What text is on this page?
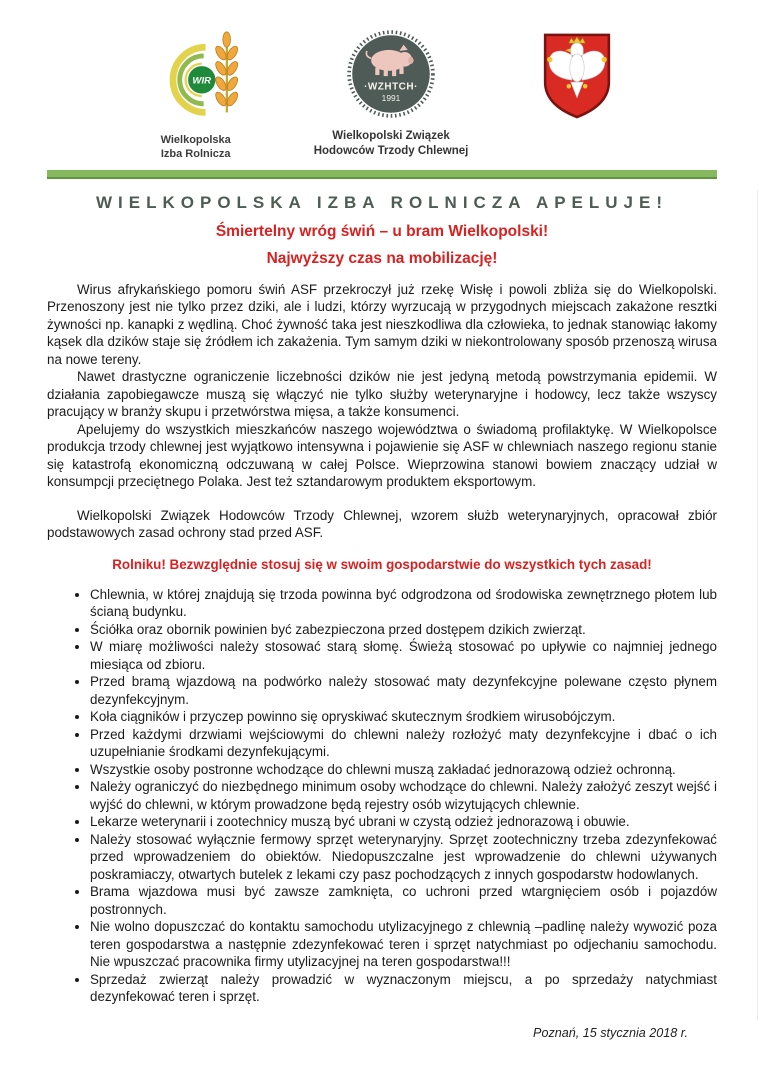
WIR
Wielkopolska
Izba Rolnicza
·WZHTCH·
1991
Wielkopolski Związek
Hodowców Trzody Chlewnej
WIELKOPOLSKA IZBA ROLNICZA APELUJE!
Śmiertelny wróg świń – u bram Wielkopolski!
Najwyższy czas na mobilizację!

Wirus afrykańskiego pomoru świń ASF przekroczył już rzekę Wisłę i powoli zbliża się do Wielkopolski. Przenoszony jest nie tylko przez dziki, ale i ludzi, którzy wyrzucają w przygodnych miejscach zakażone resztki żywności np. kanapki z wędliną. Choć żywność taka jest nieszkodliwa dla człowieka, to jednak stanowiąc łakomy kąsek dla dzików staje się źródłem ich zakażenia. Tym samym dziki w niekontrolowany sposób przenoszą wirusa na nowe tereny.

Nawet drastyczne ograniczenie liczebności dzików nie jest jedyną metodą powstrzymania epidemii. W działania zapobiegawcze muszą się włączyć nie tylko służby weterynaryjne i hodowcy, lecz także wszyscy pracujący w branży skupu i przetwórstwa mięsa, a także konsumenci.

Apelujemy do wszystkich mieszkańców naszego województwa o świadomą profilaktykę. W Wielkopolsce produkcja trzody chlewnej jest wyjątkowo intensywna i pojawienie się ASF w chlewniach naszego regionu stanie się katastrofą ekonomiczną odczuwaną w całej Polsce. Wieprzowina stanowi bowiem znaczący udział w konsumpcji przeciętnego Polaka. Jest też sztandarowym produktem eksportowym.

Wielkopolski Związek Hodowców Trzody Chlewnej, wzorem służb weterynaryjnych, opracował zbiór podstawowych zasad ochrony stad przed ASF.

Rolniku! Bezwzględnie stosuj się w swoim gospodarstwie do wszystkich tych zasad!
• Chlewnia, w której znajdują się trzoda powinna być odgrodzona od środowiska zewnętrznego płotem lub ścianą budynku.
• Ściółka oraz obornik powinien być zabezpieczona przed dostępem dzikich zwierząt.
• W miarę możliwości należy stosować starą słomę. Świeżą stosować po upływie co najmniej jednego miesiąca od zbioru.
• Przed bramą wjazdową na podwórko należy stosować maty dezynfekcyjne polewane często płynem dezynfekcyjnym.
• Koła ciągników i przyczep powinno się opryskiwać skutecznym środkiem wirusobójczym.
• Przed każdymi drzwiami wejściowymi do chlewni należy rozłożyć maty dezynfekcyjne i dbać o ich uzupełnianie środkami dezynfekującymi.
• Wszystkie osoby postronne wchodzące do chlewni muszą zakładać jednorazową odzież ochronną.
• Należy ograniczyć do niezbędnego minimum osoby wchodzące do chlewni. Należy założyć zeszyt wejść i wyjść do chlewni, w którym prowadzone będą rejestry osób wizytujących chlewnie.
• Lekarze weterynarii i zootechnicy muszą być ubrani w czystą odzież jednorazową i obuwie.
• Należy stosować wyłącznie fermowy sprzęt weterynaryjny. Sprzęt zootechniczny trzeba zdezynfekować przed wprowadzeniem do obiektów. Niedopuszczalne jest wprowadzenie do chlewni używanych poskramiaczy, otwartych butelek z lekami czy pasz pochodzących z innych gospodarstw hodowlanych.
• Brama wjazdowa musi być zawsze zamknięta, co uchroni przed wtargnięciem osób i pojazdów postronnych.
• Nie wolno dopuszczać do kontaktu samochodu utylizacyjnego z chlewnią –padlinę należy wywozić poza teren gospodarstwa a następnie zdezynfekować teren i sprzęt natychmiast po odjechaniu samochodu. Nie wpuszczać pracownika firmy utylizacyjnej na teren gospodarstwa!!!
• Sprzedaż zwierząt należy prowadzić w wyznaczonym miejscu, a po sprzedaży natychmiast dezynfekować teren i sprzęt.
Poznań, 15 stycznia 2018 r.
